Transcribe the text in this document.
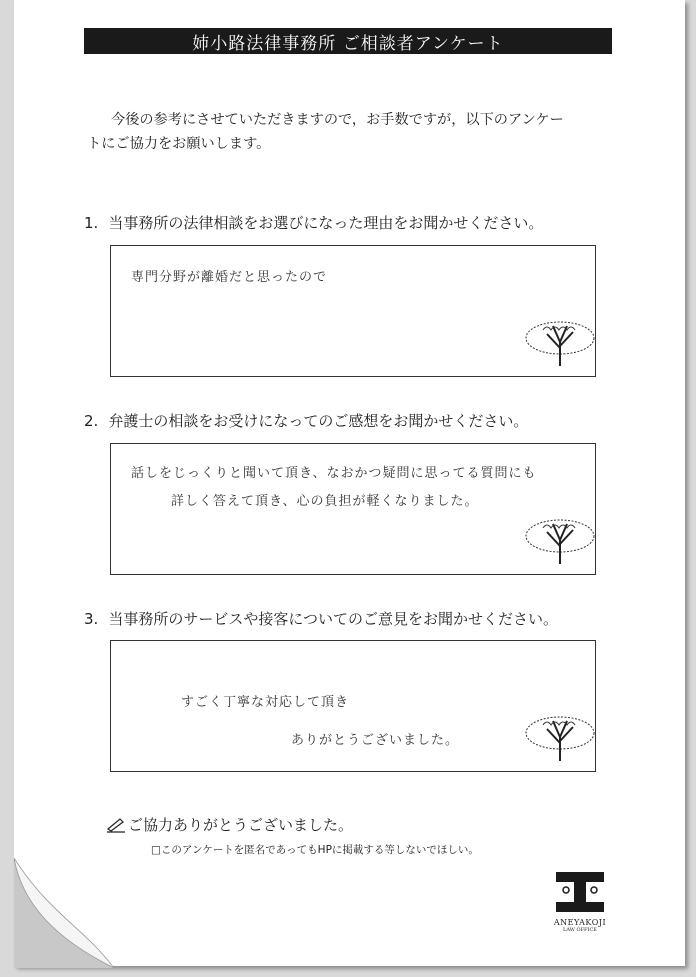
姉小路法律事務所 ご相談者アンケート
今後の参考にさせていただきますので，お手数ですが，以下のアンケー
トにご協力をお願いします。
1. 当事務所の法律相談をお選びになった理由をお聞かせください。
専門分野が離婚だと思ったので
2. 弁護士の相談をお受けになってのご感想をお聞かせください。
話しをじっくりと聞いて頂き、なおかつ疑問に思ってる質問にも
詳しく答えて頂き、心の負担が軽くなりました。
3. 当事務所のサービスや接客についてのご意見をお聞かせください。
すごく丁寧な対応して頂き
ありがとうございました。
ご協力ありがとうございました。
□このアンケートを匿名であってもHPに掲載する等しないでほしい。
ANEYAKOJI
LAW OFFICE
